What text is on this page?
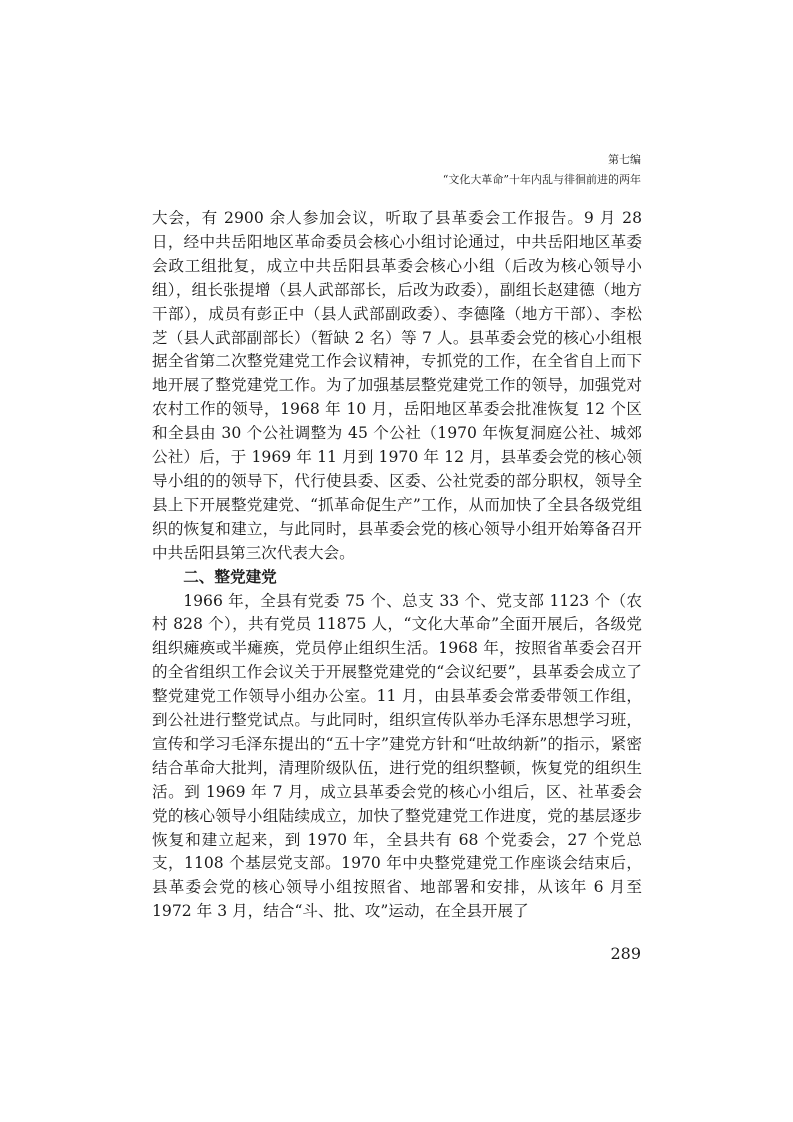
第七编
“文化大革命”十年内乱与徘徊前进的两年

大会，有 2900 余人参加会议，听取了县革委会工作报告。9 月 28 日，经中共岳阳地区革命委员会核心小组讨论通过，中共岳阳地区革委会政工组批复，成立中共岳阳县革委会核心小组（后改为核心领导小组），组长张提增（县人武部部长，后改为政委），副组长赵建德（地方干部），成员有彭正中（县人武部副政委）、李德隆（地方干部）、李松芝（县人武部副部长）（暂缺 2 名）等 7 人。县革委会党的核心小组根据全省第二次整党建党工作会议精神，专抓党的工作，在全省自上而下地开展了整党建党工作。为了加强基层整党建党工作的领导，加强党对农村工作的领导，1968 年 10 月，岳阳地区革委会批准恢复 12 个区和全县由 30 个公社调整为 45 个公社（1970 年恢复洞庭公社、城郊公社）后，于 1969 年 11 月到 1970 年 12 月，县革委会党的核心领导小组的的领导下，代行使县委、区委、公社党委的部分职权，领导全县上下开展整党建党、“抓革命促生产”工作，从而加快了全县各级党组织的恢复和建立，与此同时，县革委会党的核心领导小组开始筹备召开中共岳阳县第三次代表大会。

二、整党建党

1966 年，全县有党委 75 个、总支 33 个、党支部 1123 个（农村 828 个），共有党员 11875 人，“文化大革命”全面开展后，各级党组织瘫痪或半瘫痪，党员停止组织生活。1968 年，按照省革委会召开的全省组织工作会议关于开展整党建党的“会议纪要”，县革委会成立了整党建党工作领导小组办公室。11 月，由县革委会常委带领工作组，到公社进行整党试点。与此同时，组织宣传队举办毛泽东思想学习班，宣传和学习毛泽东提出的“五十字”建党方针和“吐故纳新”的指示，紧密结合革命大批判，清理阶级队伍，进行党的组织整顿，恢复党的组织生活。到 1969 年 7 月，成立县革委会党的核心小组后，区、社革委会党的核心领导小组陆续成立，加快了整党建党工作进度，党的基层逐步恢复和建立起来，到 1970 年，全县共有 68 个党委会，27 个党总支，1108 个基层党支部。1970 年中央整党建党工作座谈会结束后，县革委会党的核心领导小组按照省、地部署和安排，从该年 6 月至 1972 年 3 月，结合“斗、批、攻”运动，在全县开展了

289
